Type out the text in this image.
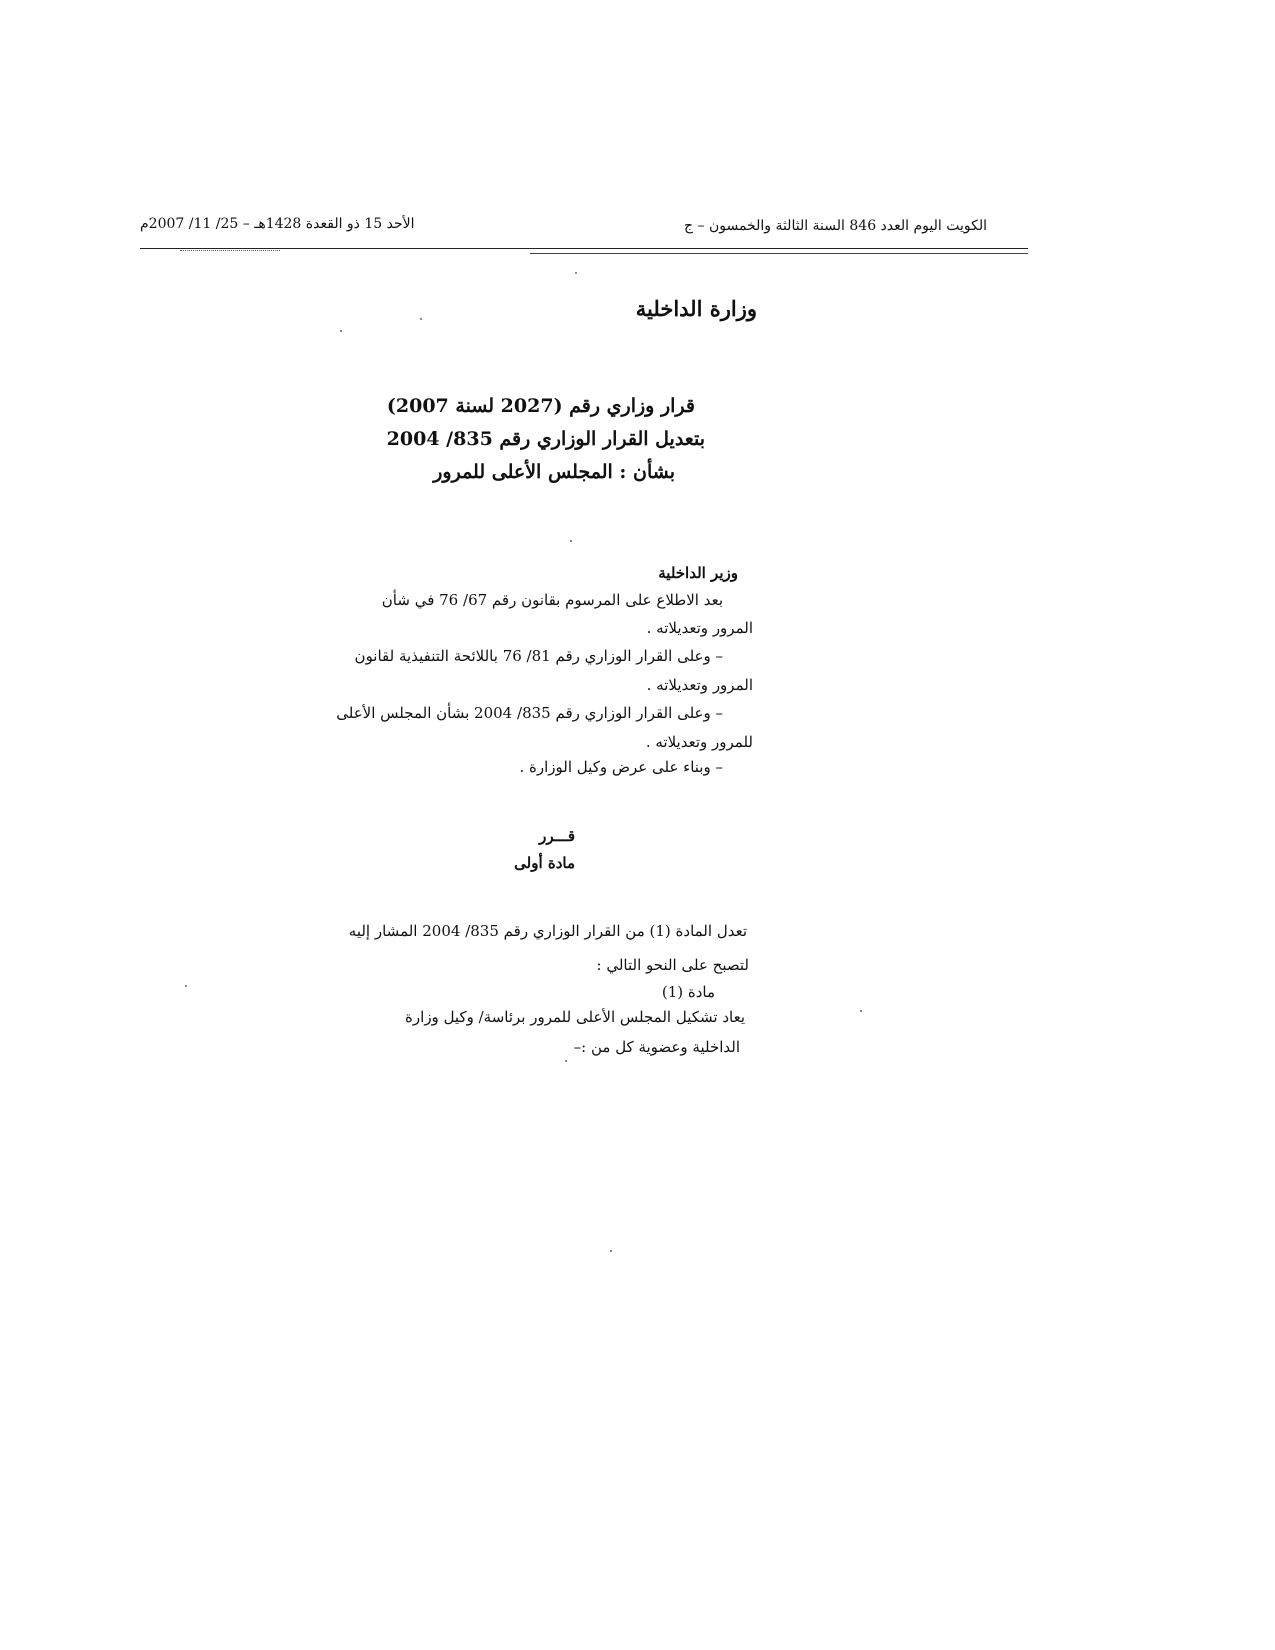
الكويت اليوم العدد 846 السنة الثالثة والخمسون – ج
الأحد 15 ذو القعدة 1428هـ – 25/ 11/ 2007م
وزارة الداخلية
قرار وزاري رقم (2027 لسنة 2007)
بتعديل القرار الوزاري رقم 835/ 2004
بشأن : المجلس الأعلى للمرور
وزير الداخلية
بعد الاطلاع على المرسوم بقانون رقم 67/ 76 في شأن
المرور وتعديلاته .
– وعلى القرار الوزاري رقم 81/ 76 باللائحة التنفيذية لقانون
المرور وتعديلاته .
– وعلى القرار الوزاري رقم 835/ 2004 بشأن المجلس الأعلى
للمرور وتعديلاته .
– وبناء على عرض وكيل الوزارة .
قـــرر
مادة أولى
تعدل المادة (1) من القرار الوزاري رقم 835/ 2004 المشار إليه
لتصبح على النحو التالي :
مادة (1)
يعاد تشكيل المجلس الأعلى للمرور برئاسة/ وكيل وزارة
الداخلية وعضوية كل من :–
